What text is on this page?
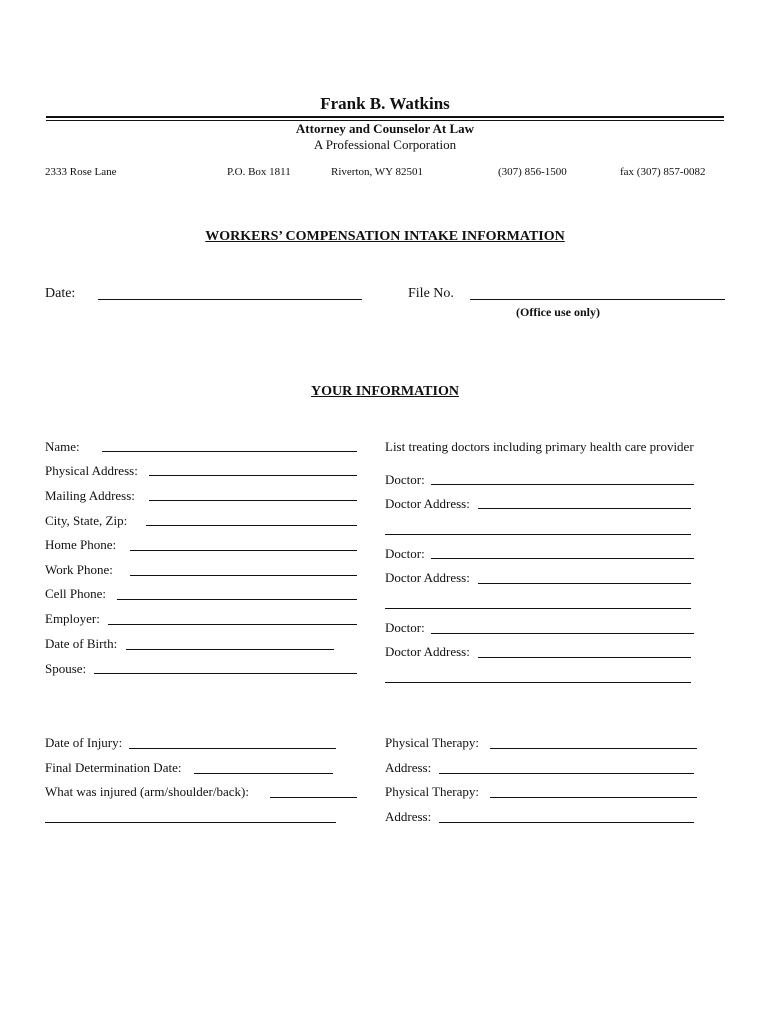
Frank B. Watkins
Attorney and Counselor At Law
A Professional Corporation
2333 Rose Lane	P.O. Box 1811	Riverton, WY 82501	(307) 856-1500	fax (307) 857-0082
WORKERS’ COMPENSATION INTAKE INFORMATION
Date:	File No.
(Office use only)
YOUR INFORMATION
Name:
Physical Address:
Mailing Address:
City, State, Zip:
Home Phone:
Work Phone:
Cell Phone:
Employer:
Date of Birth:
Spouse:
List treating doctors including primary health care provider
Doctor:
Doctor Address:
Doctor:
Doctor Address:
Doctor:
Doctor Address:
Date of Injury:
Final Determination Date:
What was injured (arm/shoulder/back):
Physical Therapy:
Address:
Physical Therapy:
Address:
